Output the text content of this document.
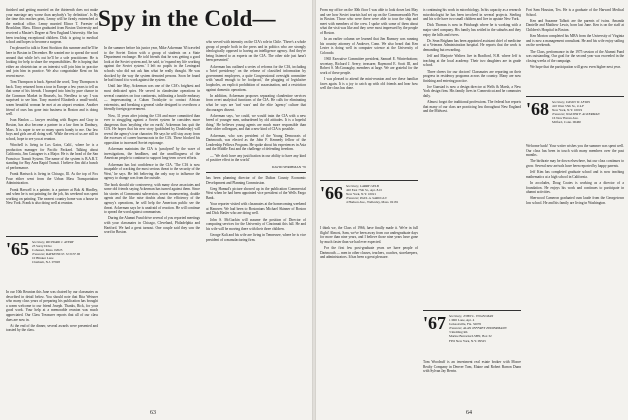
Spy in the Cold—

finished and getting married on the thirteenth does not make your marriage any worse than anybody's 'by definition'. Is By the time this reaches print, Lenny will be firmly entrenched at the medical office. Lenny married Elinor T. Forester of Brookline, Mass. Elinor graduated from Boston University and received a Master's Degree at New England University. She has been teaching exceptional children. Dick is going to medical school and hopes to become a surgeon.

I'm pleased to talk to Kent Stockton this summer and he'll be here in Boston in December. He wanted me to spread the word around that while he's out he'll be a sole practitioner. He is looking for help to share the responsibilities. He is hoping that either an obstetrician or an internist will join him in practice and join him in practice. We also congratulate Kent on his recent move.

Tom Thompson is back. Spread the word, Tony Thompson is back. Tony returned from a tour in Europe a few years to tell us that some of his friends. I bumped into him by pure chance in the Common Market in Brussels, ha. Needless to say I was surprised to see him. Tony married Elizabeth a small-world, warm beautiful woman he met at an airport reunion. Another friend of ours has gone into business in Boston and is doing well.

Ivan Hanlon — lawyer residing with Rogers and Gray in Boston, has also become a partner in a law firm in Danbury, Mass. It is super to see so many sports handy to me. Our law boys and girls are all doing well. While the rest of us are still in school, hope to see you at reunion.

Winchell is living in Los Gatos, Calif., where he is a production manager for Pacific Packard. Talking about California, Jim Castagner is a Major. He is the head of the San Francisco Transit System. The name of the system is B.A.R.T. standing for Bay Area Rapid Transit. I believe Jim did a bunch of performance.

Frank Hartsock is living in Chicago, Ill. As the top of Fox Four either went from the Urban Mass Transportation Administration.

Frank Haswell is a painter, is a partner at Bok & Hindley, and when he is not painting for the job, his weekend was spent working on painting. The nearest country home was a house in New York. Frank is also doing well at reunion.

In the summer before his junior year, Mike Ackerman '65 traveled to the Soviet Union with a group of students on a State Department exchange. He told friends that he was getting a good look at the Soviet system and, he said, to 'expand my life working against the Soviet system.' I left no pupils in the Leningrad schools who did not ask him what he really thought. He was shocked by the way the system demoted persons. Soon he found he had found it to work against the system.

Until late May, Ackerman was one of the CIA's brightest and most dedicated spies. He served in clandestine operations in several countries on four continents, infiltrating a hostile embassy — impersonating a Cuban Trotskyite to contact African extremists, and breaking a general strike designed to overthrow a friendly foreign government.

Now, 31 years after joining the CIA and more committed than ever to struggling against a Soviet system he considers more dangerous than 'anything else on earth,' Ackerman has quit the CIA. He hopes that his new story (published by Doubleday) will reveal the agency's true character. He says he will stay away from the excesses of career bureaucrats in the CIA. These blocked his opposition to increased Soviet espionage.

Ackerman maintains the CIA is 'paralyzed' by the wave of investigations, the headlines, and the unwillingness of the American people to continue to support long-term covert efforts.

Ackerman has lost confidence in the CIA. 'The CIA is now incapable of cracking the most serious threat to the security of the West,' he says. He left believing the only way to influence the agency to change was from the outside.

The book should stir controversy, with many close associates and some old friends saying Ackerman has turned against them. Since his stories of Communist subversion, secret maneuvering, double agents and the like raise doubts about the efficiency of the agency's operations, he will help the American public see the threat. Ackerman says he is unafraid of reaction. He will continue to spread the word against communism.

During the Alumni Fund drive several of you reported meetings with your classmates in Chicago, Cleveland, Philadelphia and Hartford. We had a great turnout. One couple said they saw the word in Boston.

who served with intensity on the CIA's role in Chile. 'There's a whole group of people both in the press and in politics who are strongly ideologically opposed to having an intelligence agency. And they're being listened to as experts on the CIA. The other side just hasn't been presented.'

Ackerman has outlined a series of reforms for the CIA, including a 'brief presidency' on the release of classified information by government employees, a quite Congressional oversight committee with 'small enough to be foolproof,' the plugging of legislative loopholes, an explicit prohibition of assassination, and a restriction against domestic operations.

In addition, Ackerman proposes separating clandestine services from overt analytical functions of the CIA. He calls for eliminating what he says are 'turf wars' and the elite 'agency' culture that discourages dissent.

Ackerman says, 'we could, we would train the CIA with a new breed of younger men, unburdened by old attitudes. It is a hopeful thing.' He believes young agents are much more responsible than their older colleagues, and that a new kind of CIA is possible.

Ackerman, who was president of the Young Democrats of Dartmouth, was elected as the John F. Kennedy fellow of the Leadership Fellows Program. He spoke about his experiences in Asia and the Middle East and the challenge of defending freedom.

— 'We don't have any justification in our ability to have any kind of positive effect in the world.'

DAVID SHRIBMAN '76

has been planning director of the Dalton County Economic Development and Planning Commission.

Greg Hamud's picture showed up in the publication Commercial West when he had been appointed vice president of the Wells Fargo Bank.

Your reporter visited with classmates at the homecoming weekend at Hanover. We had been to Bostonians Michael Skinner of Boston and Dick Hasler who are doing well.

John S. McGuckin will assume the position of Director of computing services for the University of Cincinnati this fall. He and his wife will be moving there with their three children.

George Kalt and his wife are living in Tennessee, where he is vice president of a manufacturing firm.

'65 Secretary, RICHARD J. AVERY
23 Surry Drive
Cohasset, Mass. 02025
Treasurer, RAYMOND E. SCOTT III
10 Blinker Lane
Chatham, N.J. 07928

In our 10th Reunion this June was chaired by our classmates as described in detail below. You should note that Rita Weisner who many class years of preparing his publication has brought a warm welcome to our friend Joseph. Thanks, Rick, for your good work. Your help at a memorable reunion was much appreciated. Our Class Treasurer reports that all of our class dues are now in.

At the end of the dinner, several awards were presented and toasted by the class.

63

From my office on the 30th floor I was able to look down last May and see how Soviet tourists had set up on the Commonwealth Pier in Boston. Those who were there were able to tour the ship and meet with members of the crew. I spoke with some of them about what the visit was like and they were most impressed by the people of Boston.

In an earlier column we learned that Jim Rumsey was running his country attorney of Andover, Conn. We also heard that Ken Lester is doing well in computer science at the University of Colorado.

1965 Executive Committee president, Samuel E. Winterbottom; secretary, Richard J. Avery; treasurer, Raymond E. Scott III, and Robert S. McConaughy, members at large. We are grateful for the work of these people.

I was pleased to attend the mini-reunion and see these familiar faces again. It is a joy to catch up with old friends and hear how well the class has done.

'66 Secretary, LARRY GELB
420 East 75th St., Apt. 8-D
New York, N.Y. 10021
Treasurer, PAUL A. SAROGLU
4 Hudson Ave., Wellesley, Mass. 02181

I think we, the Class of 1966, have finally made it. We're in full flight! Almost, Sam, we've been away from our undergraduate days for more than nine years, and I believe those nine years have gone by much faster than we had ever expected.

For the first few post-graduate years we have people of Dartmouth — men in other classes, teachers, coaches, storekeepers, and administrators. It has been a great pleasure.

is continuing his work in microbiology. In his capacity as a research microbiologist he has been involved in several projects. Sterling and his wife have two small children and live in upstate New York.

Dick Thomas is now in Pittsburgh where he is working with a major steel company. His family has settled in the suburbs and they enjoy the hills and rivers.

Dr. Sean Brigham has been appointed assistant chief of medicine at a Veterans Administration hospital. He reports that the work is demanding but rewarding.

Jeff and Marjorie Walters live in Bradford, N.H. where Jeff is teaching at the local academy. Their two daughters are in grade school.

Three cheers for our doctors! Classmates are reporting on their progress in residency programs across the country. Many are now finishing and entering practice.

Joe Gunstad is now a design director at Wells & Marsh, a New York design firm. His family lives in Connecticut and he commutes daily.

Almost forgot the traditional professions. The federal bar reports that many of our class are practicing law throughout New England and the Midwest.

'67 Secretary, JOHN L. VOGELMAN
1 Mill Lane, Apt. 4
Jacksonville, Fla. 32076
Treasurer, ALAN JEFFREY ZINNERMANN
3 Redding Rd.
Marine Barracks/LSBN, Box 32
FPO New York, N.Y. 09525

Tom Woodruff is an investment real estate broker with Moore Realty Company in Denver Tom, Elaine and Robert Barron Dunn with Sylvan Jay Berrin.

Fort Sam Houston, Tex. He is a graduate of the Harvard Medical School.

Ken and Suzanne Talbott are the parents of twins. Amanda Danielle and Matthew Lewis, born last June. Ken is on the staff at Children's Hospital in Boston.

Ken Morton completed his MBA from the University of Virginia and is now a management consultant. He and his wife enjoy sailing on the weekends.

The Class, performance in the 1975 session of the Alumni Fund was outstanding. Our goal for the second year was exceeded in the closing weeks of the campaign.

We hope that the participation will grow even higher next year.

'68 Secretary, DAVID W. LEWIS
410 West 55th St., # 4-F
New York, N.Y. 10019
Treasurer, WALTER F. ACKERMAN
16 New Haven Ave.
Milford, Conn. 06460

Welcome back! Your writer wishes you the summer was spent well. Our class has been in touch with many members over the past months.

The birthrate may be down elsewhere, but our class continues to grow. Several new arrivals have been reported by happy parents.

Jeff Kim has completed graduate school and is now teaching mathematics at a high school in California.

In accolades, Doug Coates is working as a director of a foundation. He enjoys his work and continues to participate in alumni activities.

Sherwood Cameron graduated cum laude from the Georgetown law school. He and his family are living in Washington.

64
